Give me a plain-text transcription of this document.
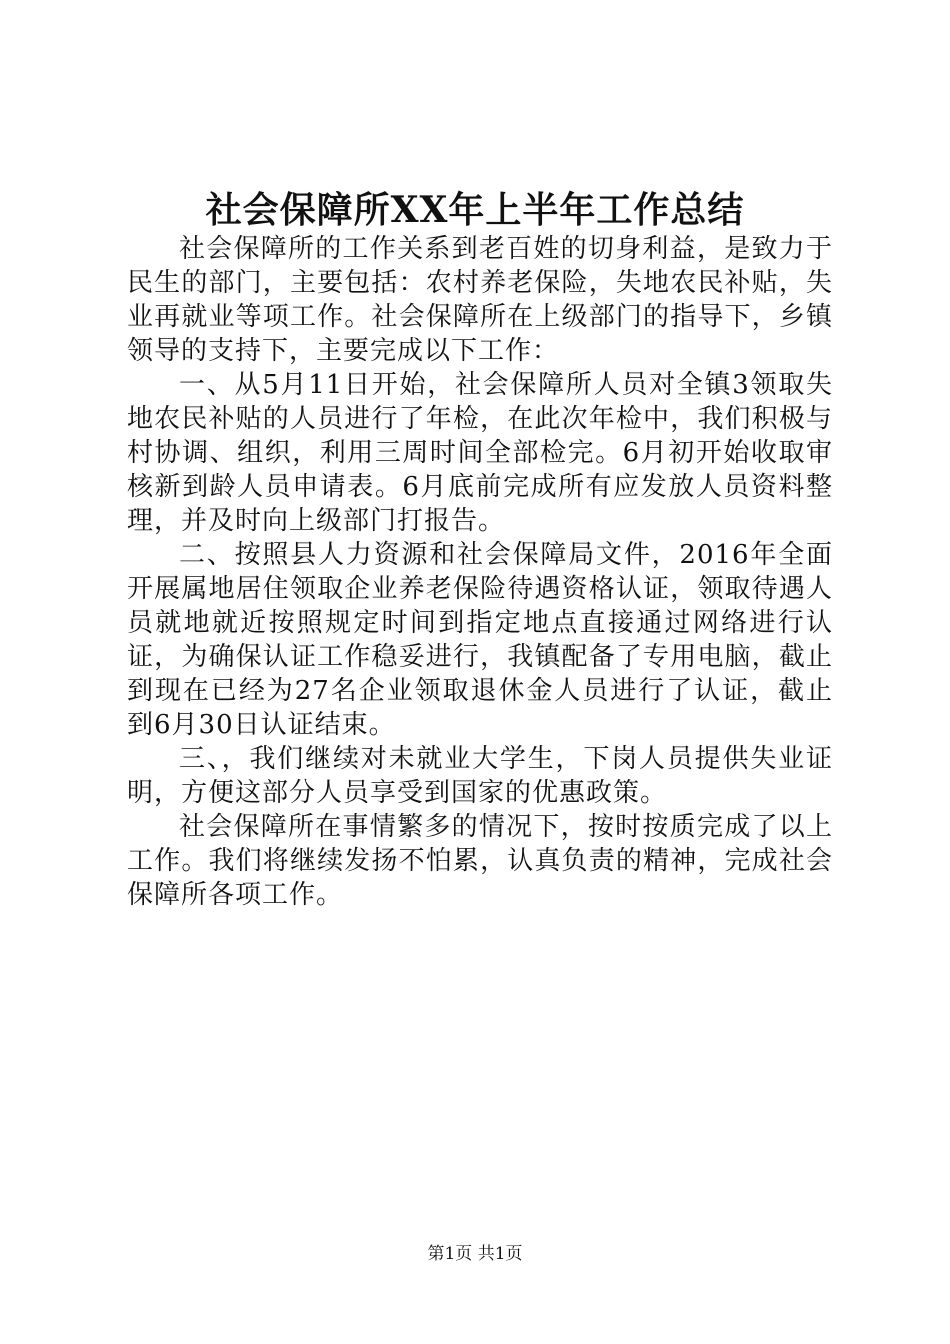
社会保障所XX年上半年工作总结

社会保障所的工作关系到老百姓的切身利益，是致力于民生的部门，主要包括：农村养老保险，失地农民补贴，失业再就业等项工作。社会保障所在上级部门的指导下，乡镇领导的支持下，主要完成以下工作：

一、从5月11日开始，社会保障所人员对全镇3领取失地农民补贴的人员进行了年检，在此次年检中，我们积极与村协调、组织，利用三周时间全部检完。6月初开始收取审核新到龄人员申请表。6月底前完成所有应发放人员资料整理，并及时向上级部门打报告。

二、按照县人力资源和社会保障局文件，2016年全面开展属地居住领取企业养老保险待遇资格认证，领取待遇人员就地就近按照规定时间到指定地点直接通过网络进行认证，为确保认证工作稳妥进行，我镇配备了专用电脑，截止到现在已经为27名企业领取退休金人员进行了认证，截止到6月30日认证结束。

三、，我们继续对未就业大学生，下岗人员提供失业证明，方便这部分人员享受到国家的优惠政策。

社会保障所在事情繁多的情况下，按时按质完成了以上工作。我们将继续发扬不怕累，认真负责的精神，完成社会保障所各项工作。

第1页 共1页
